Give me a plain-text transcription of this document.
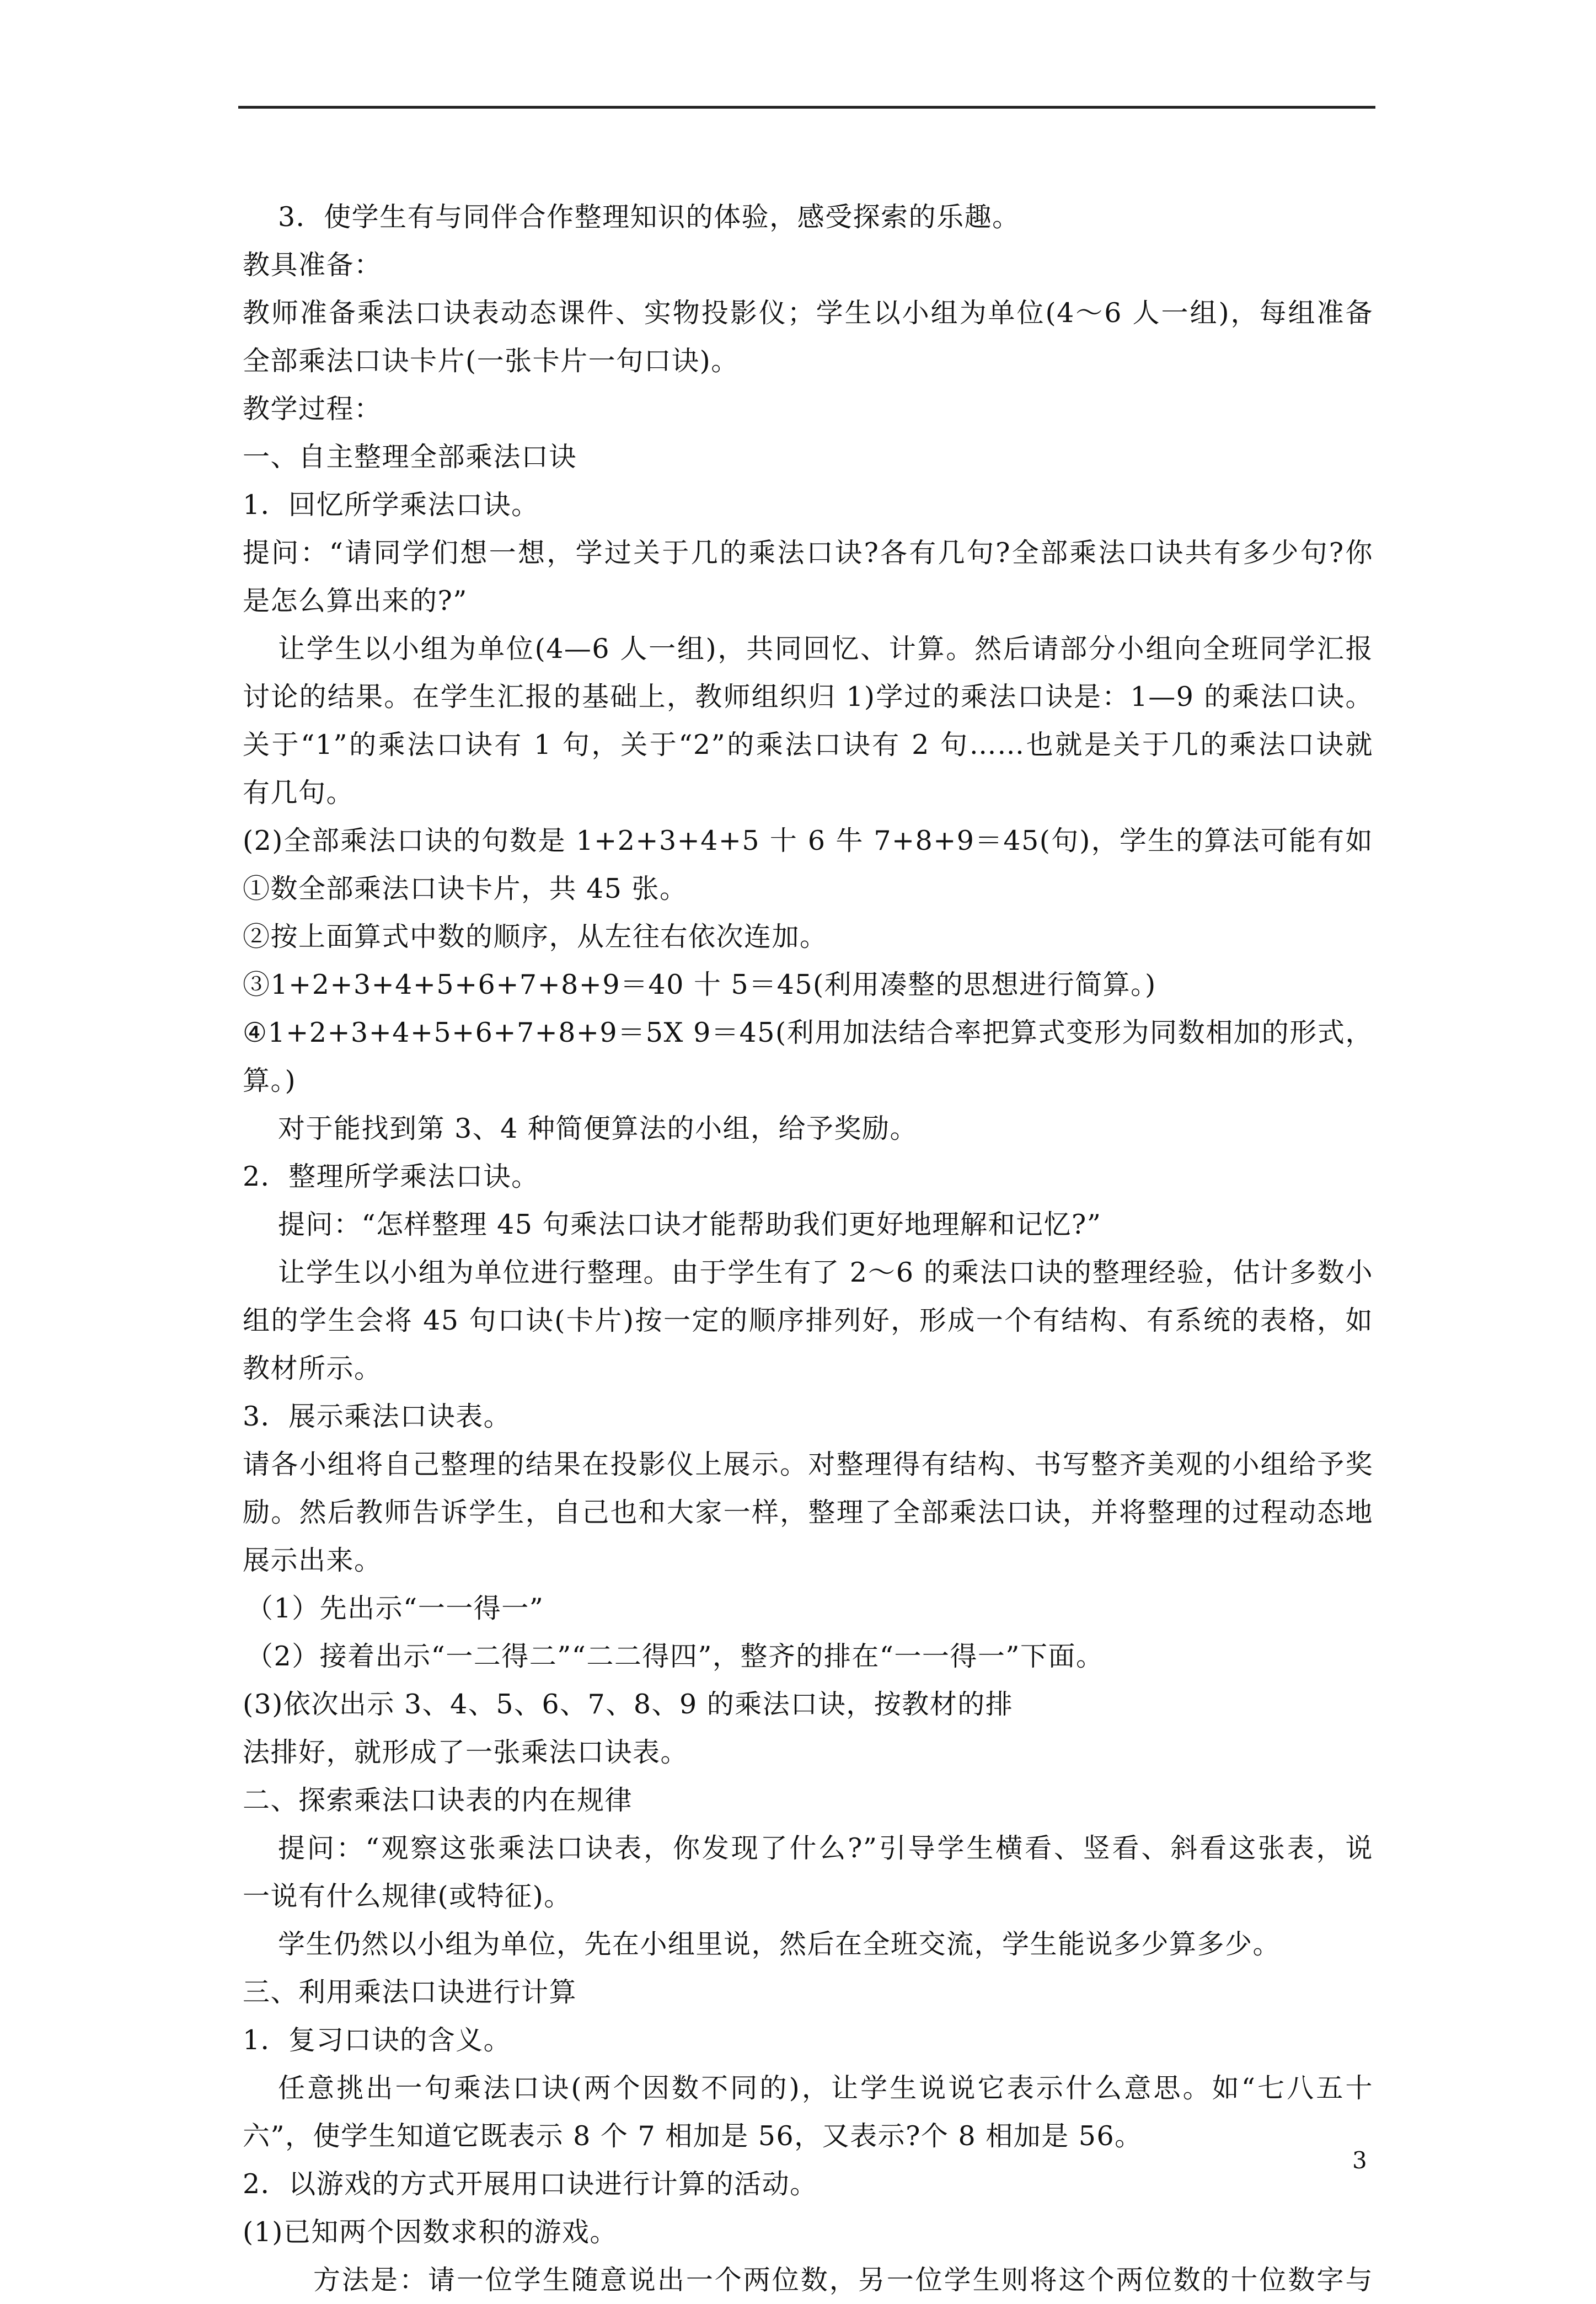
3．使学生有与同伴合作整理知识的体验，感受探索的乐趣。
教具准备：
教师准备乘法口诀表动态课件、实物投影仪；学生以小组为单位(4～6 人一组)，每组准备
全部乘法口诀卡片(一张卡片一句口诀)。
教学过程：
一、自主整理全部乘法口诀
1．回忆所学乘法口诀。
提问：“请同学们想一想，学过关于几的乘法口诀?各有几句?全部乘法口诀共有多少句?你
是怎么算出来的?”
让学生以小组为单位(4—6 人一组)，共同回忆、计算。然后请部分小组向全班同学汇报
讨论的结果。在学生汇报的基础上，教师组织归 1)学过的乘法口诀是：1—9 的乘法口诀。
关于“1”的乘法口诀有 1 句，关于“2”的乘法口诀有 2 句……也就是关于几的乘法口诀就
有几句。
(2)全部乘法口诀的句数是 1+2+3+4+5 十 6 牛 7+8+9＝45(句)，学生的算法可能有如
①数全部乘法口诀卡片，共 45 张。
②按上面算式中数的顺序，从左往右依次连加。
③1+2+3+4+5+6+7+8+9＝40 十 5＝45(利用凑整的思想进行简算。)
④1+2+3+4+5+6+7+8+9＝5X 9＝45(利用加法结合率把算式变形为同数相加的形式，
算。)
对于能找到第 3、4 种简便算法的小组，给予奖励。
2．整理所学乘法口诀。
提问：“怎样整理 45 句乘法口诀才能帮助我们更好地理解和记忆?”
让学生以小组为单位进行整理。由于学生有了 2～6 的乘法口诀的整理经验，估计多数小
组的学生会将 45 句口诀(卡片)按一定的顺序排列好，形成一个有结构、有系统的表格，如
教材所示。
3．展示乘法口诀表。
请各小组将自己整理的结果在投影仪上展示。对整理得有结构、书写整齐美观的小组给予奖
励。然后教师告诉学生，自己也和大家一样，整理了全部乘法口诀，并将整理的过程动态地
展示出来。
（1）先出示“一一得一”
（2）接着出示“一二得二”“二二得四”，整齐的排在“一一得一”下面。
(3)依次出示 3、4、5、6、7、8、9 的乘法口诀，按教材的排
法排好，就形成了一张乘法口诀表。
二、探索乘法口诀表的内在规律
提问：“观察这张乘法口诀表，你发现了什么?”引导学生横看、竖看、斜看这张表，说
一说有什么规律(或特征)。
学生仍然以小组为单位，先在小组里说，然后在全班交流，学生能说多少算多少。
三、利用乘法口诀进行计算
1．复习口诀的含义。
任意挑出一句乘法口诀(两个因数不同的)，让学生说说它表示什么意思。如“七八五十
六”，使学生知道它既表示 8 个 7 相加是 56，又表示?个 8 相加是 56。
2．以游戏的方式开展用口诀进行计算的活动。
(1)已知两个因数求积的游戏。
方法是：请一位学生随意说出一个两位数，另一位学生则将这个两位数的十位数字与
3
